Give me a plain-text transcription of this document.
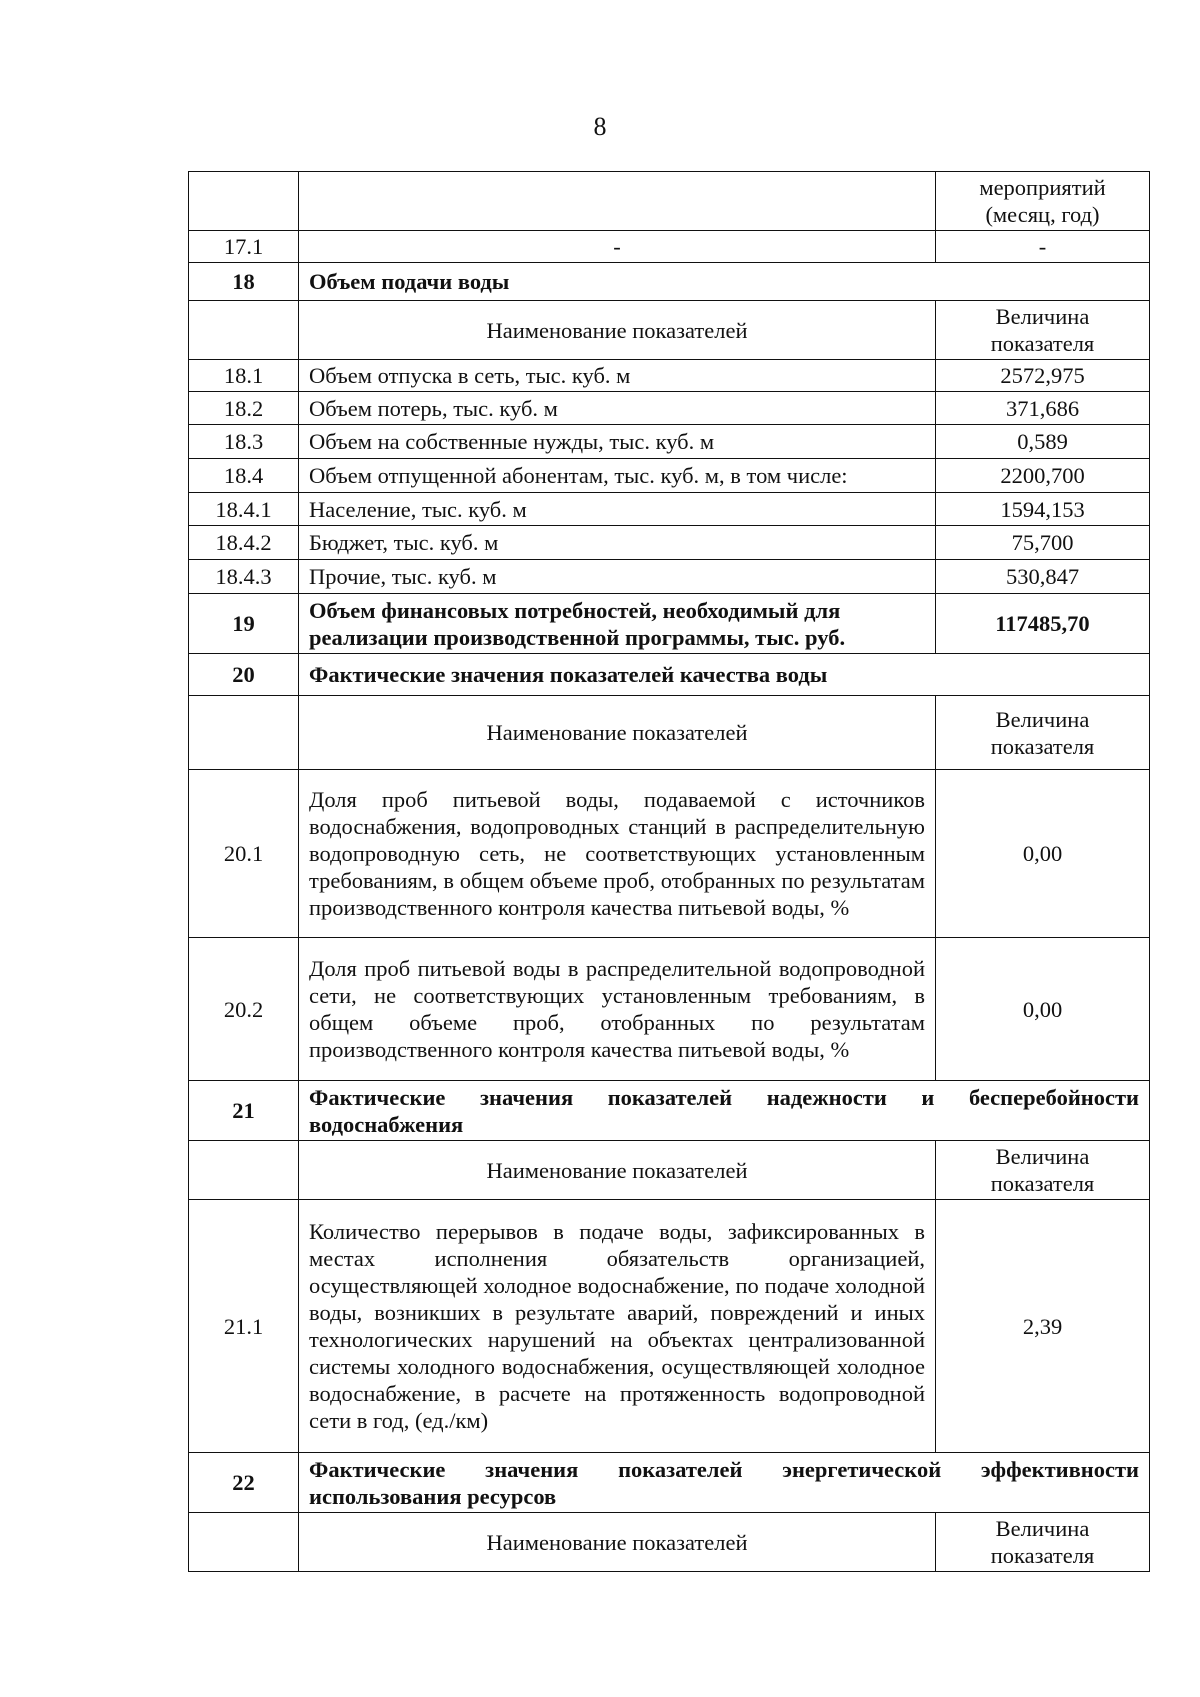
8
		мероприятий (месяц, год)
17.1	-	-
18	Объем подачи воды	
	Наименование показателей	Величина показателя
18.1	Объем отпуска в сеть, тыс. куб. м	2572,975
18.2	Объем потерь, тыс. куб. м	371,686
18.3	Объем на собственные нужды, тыс. куб. м	0,589
18.4	Объем отпущенной абонентам, тыс. куб. м, в том числе:	2200,700
18.4.1	Население, тыс. куб. м	1594,153
18.4.2	Бюджет, тыс. куб. м	75,700
18.4.3	Прочие, тыс. куб. м	530,847
19	Объем финансовых потребностей, необходимый для реализации производственной программы, тыс. руб.	117485,70
20	Фактические значения показателей качества воды	
	Наименование показателей	Величина показателя
20.1	Доля проб питьевой воды, подаваемой с источников водоснабжения, водопроводных станций в распределительную водопроводную сеть, не соответствующих установленным требованиям, в общем объеме проб, отобранных по результатам производственного контроля качества питьевой воды, %	0,00
20.2	Доля проб питьевой воды в распределительной водопроводной сети, не соответствующих установленным требованиям, в общем объеме проб, отобранных по результатам производственного контроля качества питьевой воды, %	0,00
21	Фактические значения показателей надежности и бесперебойности водоснабжения	
	Наименование показателей	Величина показателя
21.1	Количество перерывов в подаче воды, зафиксированных в местах исполнения обязательств организацией, осуществляющей холодное водоснабжение, по подаче холодной воды, возникших в результате аварий, повреждений и иных технологических нарушений на объектах централизованной системы холодного водоснабжения, осуществляющей холодное водоснабжение, в расчете на протяженность водопроводной сети в год, (ед./км)	2,39
22	Фактические значения показателей энергетической эффективности использования ресурсов	
	Наименование показателей	Величина показателя
